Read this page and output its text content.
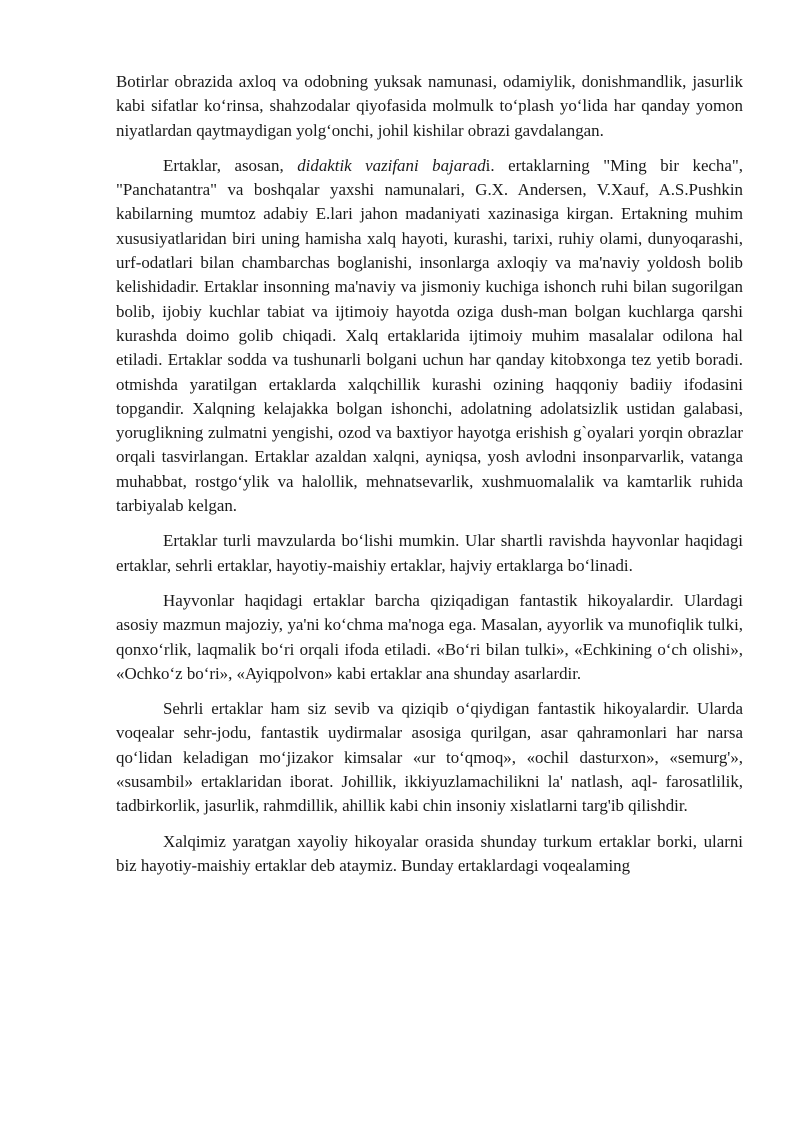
Botirlar obrazida axloq va odobning yuksak namunasi, odamiylik, donishmandlik, jasurlik kabi sifatlar ko‘rinsa, shahzodalar qiyofasida molmulk to‘plash yo‘lida har qanday yomon niyatlardan qaytmaydigan yolg‘onchi, johil kishilar obrazi gavdalangan.

Ertaklar, asosan, didaktik vazifani bajaradi. ertaklarning "Ming bir kecha", "Panchatantra" va boshqalar yaxshi namunalari, G.X. Andersen, V.Xauf, A.S.Pushkin kabilarning mumtoz adabiy E.lari jahon madaniyati xazinasiga kirgan. Ertakning muhim xususiyatlaridan biri uning hamisha xalq hayoti, kurashi, tarixi, ruhiy olami, dunyoqarashi, urf-odatlari bilan chambarchas boglanishi, insonlarga axloqiy va ma'naviy yoldosh bolib kelishidadir. Ertaklar insonning ma'naviy va jismoniy kuchiga ishonch ruhi bilan sugorilgan bolib, ijobiy kuchlar tabiat va ijtimoiy hayotda oziga dush-man bolgan kuchlarga qarshi kurashda doimo golib chiqadi. Xalq ertaklarida ijtimoiy muhim masalalar odilona hal etiladi. Ertaklar sodda va tushunarli bolgani uchun har qanday kitobxonga tez yetib boradi. otmishda yaratilgan ertaklarda xalqchillik kurashi ozining haqqoniy badiiy ifodasini topgandir. Xalqning kelajakka bolgan ishonchi, adolatning adolatsizlik ustidan galabasi, yoruglikning zulmatni yengishi, ozod va baxtiyor hayotga erishish g`oyalari yorqin obrazlar orqali tasvirlangan. Ertaklar azaldan xalqni, ayniqsa, yosh avlodni insonparvarlik, vatanga muhabbat, rostgo‘ylik va halollik, mehnatsevarlik, xushmuomalalik va kamtarlik ruhida tarbiyalab kelgan.

Ertaklar turli mavzularda bo‘lishi mumkin. Ular shartli ravishda hayvonlar haqidagi ertaklar, sehrli ertaklar, hayotiy-maishiy ertaklar, hajviy ertaklarga bo‘linadi.

Hayvonlar haqidagi ertaklar barcha qiziqadigan fantastik hikoyalardir. Ulardagi asosiy mazmun majoziy, ya'ni ko‘chma ma'noga ega. Masalan, ayyorlik va munofiqlik tulki, qonxo‘rlik, laqmalik bo‘ri orqali ifoda etiladi. «Bo‘ri bilan tulki», «Echkining o‘ch olishi», «Ochko‘z bo‘ri», «Ayiqpolvon» kabi ertaklar ana shunday asarlardir.

Sehrli ertaklar ham siz sevib va qiziqib o‘qiydigan fantastik hikoyalardir. Ularda voqealar sehr-jodu, fantastik uydirmalar asosiga qurilgan, asar qahramonlari har narsa qo‘lidan keladigan mo‘jizakor kimsalar «ur to‘qmoq», «ochil dasturxon», «semurg'», «susambil» ertaklaridan iborat. Johillik, ikkiyuzlamachilikni la' natlash, aql- farosatlilik, tadbirkorlik, jasurlik, rahmdillik, ahillik kabi chin insoniy xislatlarni targ'ib qilishdir.

Xalqimiz yaratgan xayoliy hikoyalar orasida shunday turkum ertaklar borki, ularni biz hayotiy-maishiy ertaklar deb ataymiz. Bunday ertaklardagi voqealaming
